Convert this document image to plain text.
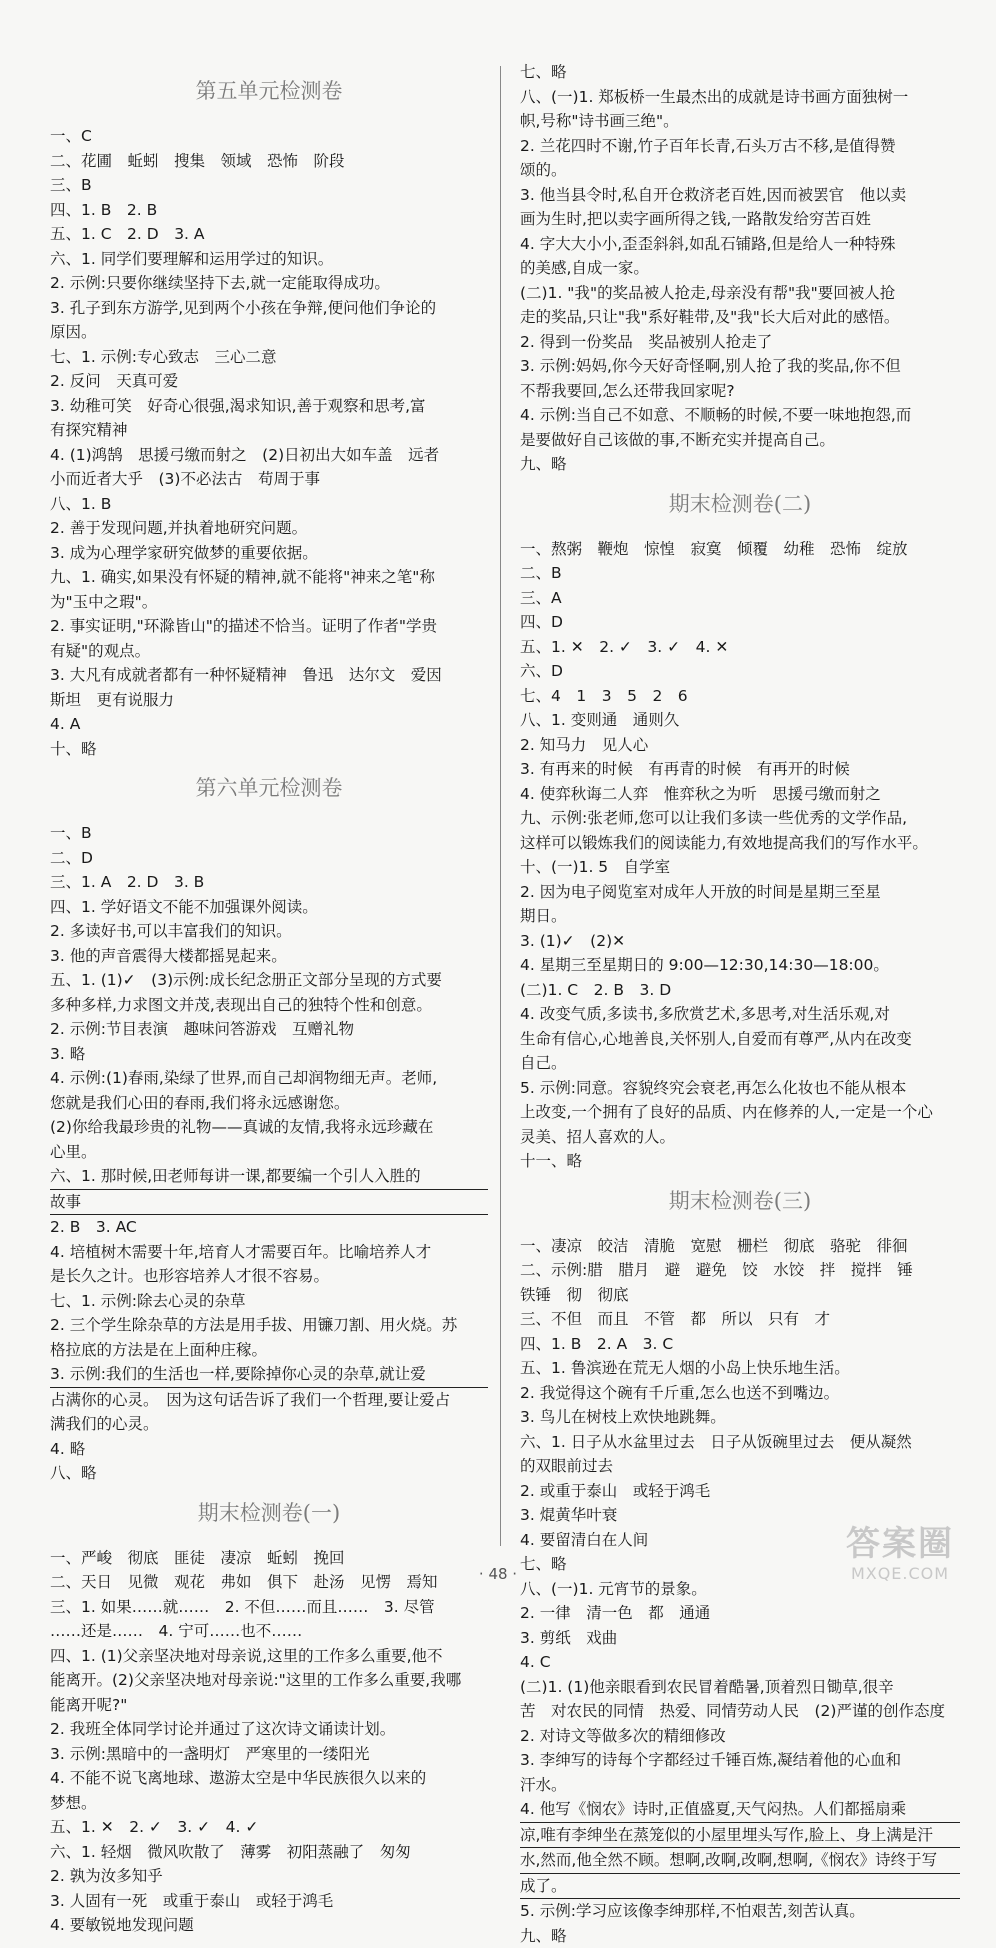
第五单元检测卷
一、C
二、花圃　蚯蚓　搜集　领域　恐怖　阶段
三、B
四、1. B　2. B
五、1. C　2. D　3. A
六、1. 同学们要理解和运用学过的知识。
2. 示例:只要你继续坚持下去,就一定能取得成功。
3. 孔子到东方游学,见到两个小孩在争辩,便问他们争论的
原因。
七、1. 示例:专心致志　三心二意
2. 反问　天真可爱
3. 幼稚可笑　好奇心很强,渴求知识,善于观察和思考,富
有探究精神
4. (1)鸿鹄　思援弓缴而射之　(2)日初出大如车盖　远者
小而近者大乎　(3)不必法古　苟周于事
八、1. B
2. 善于发现问题,并执着地研究问题。
3. 成为心理学家研究做梦的重要依据。
九、1. 确实,如果没有怀疑的精神,就不能将"神来之笔"称
为"玉中之瑕"。
2. 事实证明,"环滁皆山"的描述不恰当。证明了作者"学贵
有疑"的观点。
3. 大凡有成就者都有一种怀疑精神　鲁迅　达尔文　爱因
斯坦　更有说服力
4. A
十、略
第六单元检测卷
一、B
二、D
三、1. A　2. D　3. B
四、1. 学好语文不能不加强课外阅读。
2. 多读好书,可以丰富我们的知识。
3. 他的声音震得大楼都摇晃起来。
五、1. (1)✓　(3)示例:成长纪念册正文部分呈现的方式要
多种多样,力求图文并茂,表现出自己的独特个性和创意。
2. 示例:节目表演　趣味问答游戏　互赠礼物
3. 略
4. 示例:(1)春雨,染绿了世界,而自己却润物细无声。老师,
您就是我们心田的春雨,我们将永远感谢您。
(2)你给我最珍贵的礼物——真诚的友情,我将永远珍藏在
心里。
六、1. 那时候,田老师每讲一课,都要编一个引人入胜的
故事
2. B　3. AC
4. 培植树木需要十年,培育人才需要百年。比喻培养人才
是长久之计。也形容培养人才很不容易。
七、1. 示例:除去心灵的杂草
2. 三个学生除杂草的方法是用手拔、用镰刀割、用火烧。苏
格拉底的方法是在上面种庄稼。
3. 示例:我们的生活也一样,要除掉你心灵的杂草,就让爱
占满你的心灵。　因为这句话告诉了我们一个哲理,要让爱占
满我们的心灵。
4. 略
八、略
期末检测卷(一)
一、严峻　彻底　匪徒　凄凉　蚯蚓　挽回
二、天日　见微　观花　弗如　俱下　赴汤　见愣　焉知
三、1. 如果……就……　2. 不但……而且……　3. 尽管
……还是……　4. 宁可……也不……
四、1. (1)父亲坚决地对母亲说,这里的工作多么重要,他不
能离开。(2)父亲坚决地对母亲说:"这里的工作多么重要,我哪
能离开呢?"
2. 我班全体同学讨论并通过了这次诗文诵读计划。
3. 示例:黑暗中的一盏明灯　严寒里的一缕阳光
4. 不能不说飞离地球、遨游太空是中华民族很久以来的
梦想。
五、1. ✕　2. ✓　3. ✓　4. ✓
六、1. 轻烟　微风吹散了　薄雾　初阳蒸融了　匆匆
2. 孰为汝多知乎
3. 人固有一死　或重于泰山　或轻于鸿毛
4. 要敏锐地发现问题
七、略
八、(一)1. 郑板桥一生最杰出的成就是诗书画方面独树一
帜,号称"诗书画三绝"。
2. 兰花四时不谢,竹子百年长青,石头万古不移,是值得赞
颂的。
3. 他当县令时,私自开仓救济老百姓,因而被罢官　他以卖
画为生时,把以卖字画所得之钱,一路散发给穷苦百姓
4. 字大大小小,歪歪斜斜,如乱石铺路,但是给人一种特殊
的美感,自成一家。
(二)1. "我"的奖品被人抢走,母亲没有帮"我"要回被人抢
走的奖品,只让"我"系好鞋带,及"我"长大后对此的感悟。
2. 得到一份奖品　奖品被别人抢走了
3. 示例:妈妈,你今天好奇怪啊,别人抢了我的奖品,你不但
不帮我要回,怎么还带我回家呢?
4. 示例:当自己不如意、不顺畅的时候,不要一味地抱怨,而
是要做好自己该做的事,不断充实并提高自己。
九、略
期末检测卷(二)
一、熬粥　鞭炮　惊惶　寂寞　倾覆　幼稚　恐怖　绽放
二、B
三、A
四、D
五、1. ✕　2. ✓　3. ✓　4. ✕
六、D
七、4　1　3　5　2　6
八、1. 变则通　通则久
2. 知马力　见人心
3. 有再来的时候　有再青的时候　有再开的时候
4. 使弈秋诲二人弈　惟弈秋之为听　思援弓缴而射之
九、示例:张老师,您可以让我们多读一些优秀的文学作品,
这样可以锻炼我们的阅读能力,有效地提高我们的写作水平。
十、(一)1. 5　自学室
2. 因为电子阅览室对成年人开放的时间是星期三至星
期日。
3. (1)✓　(2)✕
4. 星期三至星期日的 9:00—12:30,14:30—18:00。
(二)1. C　2. B　3. D
4. 改变气质,多读书,多欣赏艺术,多思考,对生活乐观,对
生命有信心,心地善良,关怀别人,自爱而有尊严,从内在改变
自己。
5. 示例:同意。容貌终究会衰老,再怎么化妆也不能从根本
上改变,一个拥有了良好的品质、内在修养的人,一定是一个心
灵美、招人喜欢的人。
十一、略
期末检测卷(三)
一、凄凉　皎洁　清脆　宽慰　栅栏　彻底　骆驼　徘徊
二、示例:腊　腊月　避　避免　饺　水饺　拌　搅拌　锤
铁锤　彻　彻底
三、不但　而且　不管　都　所以　只有　才
四、1. B　2. A　3. C
五、1. 鲁滨逊在荒无人烟的小岛上快乐地生活。
2. 我觉得这个碗有千斤重,怎么也送不到嘴边。
3. 鸟儿在树枝上欢快地跳舞。
六、1. 日子从水盆里过去　日子从饭碗里过去　便从凝然
的双眼前过去
2. 或重于泰山　或轻于鸿毛
3. 焜黄华叶衰
4. 要留清白在人间
七、略
八、(一)1. 元宵节的景象。
2. 一律　清一色　都　通通
3. 剪纸　戏曲
4. C
(二)1. (1)他亲眼看到农民冒着酷暑,顶着烈日锄草,很辛
苦　对农民的同情　热爱、同情劳动人民　(2)严谨的创作态度
2. 对诗文等做多次的精细修改
3. 李绅写的诗每个字都经过千锤百炼,凝结着他的心血和
汗水。
4. 他写《悯农》诗时,正值盛夏,天气闷热。人们都摇扇乘
凉,唯有李绅坐在蒸笼似的小屋里埋头写作,脸上、身上满是汗
水,然而,他全然不顾。想啊,改啊,改啊,想啊,《悯农》诗终于写
成了。
5. 示例:学习应该像李绅那样,不怕艰苦,刻苦认真。
九、略
· 48 ·
答案圈
MXQE.COM
